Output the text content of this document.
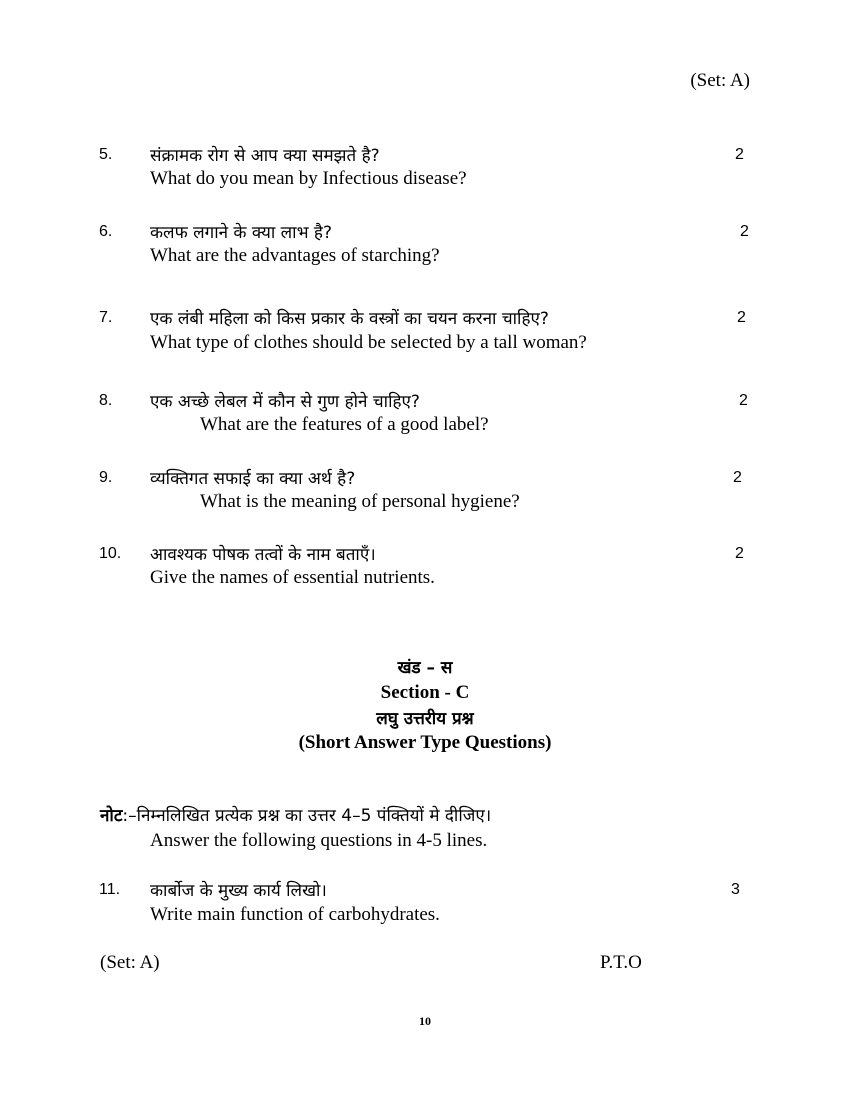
(Set: A)
5. संक्रामक रोग से आप क्या समझते है?
What do you mean by Infectious disease?
2
6. कलफ लगाने के क्या लाभ है?
What are the advantages of starching?
2
7. एक लंबी महिला को किस प्रकार के वस्त्रों का चयन करना चाहिए?
What type of clothes should be selected by a tall woman?
2
8. एक अच्छे लेबल में कौन से गुण होने चाहिए?
What are the features of a good label?
2
9. व्यक्तिगत सफाई का क्या अर्थ है?
What is the meaning of personal hygiene?
2
10. आवश्यक पोषक तत्वों के नाम बताएँ।
Give the names of essential nutrients.
2
खंड – स
Section - C
लघु उत्तरीय प्रश्न
(Short Answer Type Questions)
नोट:–निम्नलिखित प्रत्येक प्रश्न का उत्तर 4–5 पंक्तियों मे दीजिए।
Answer the following questions in 4-5 lines.
11. कार्बोज के मुख्य कार्य लिखो।
Write main function of carbohydrates.
3
(Set: A)	P.T.O
10
